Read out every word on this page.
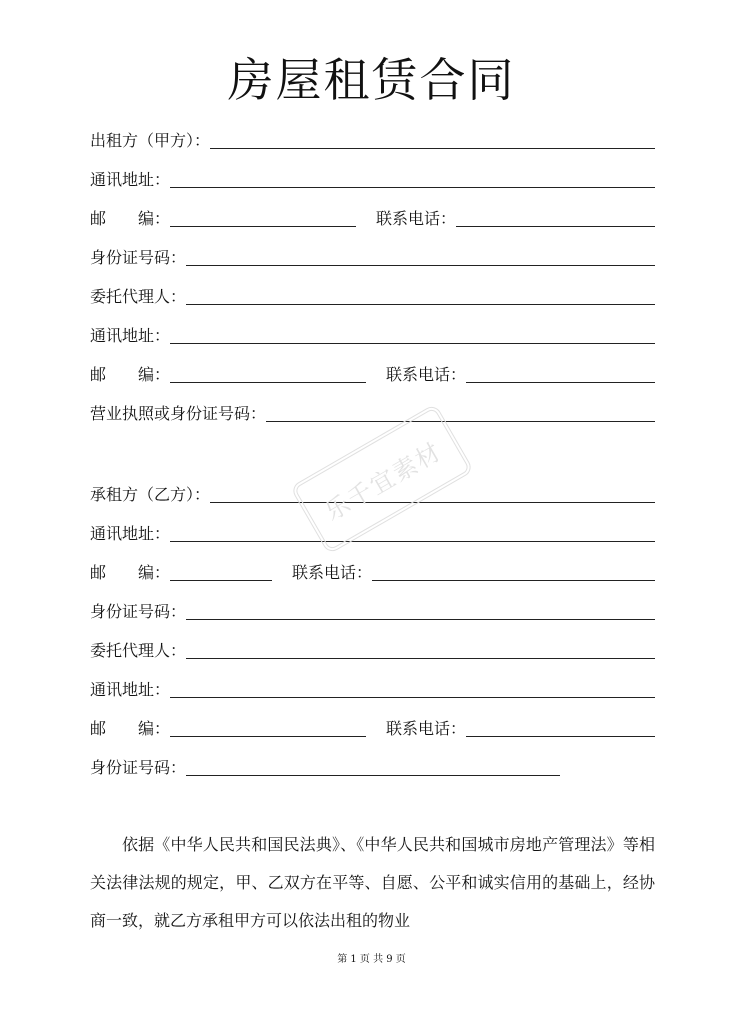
房屋租赁合同
出租方（甲方）：
通讯地址：
邮　　编：	联系电话：
身份证号码：
委托代理人：
通讯地址：
邮　　编：	联系电话：
营业执照或身份证号码：
承租方（乙方）：
通讯地址：
邮　　编：	联系电话：
身份证号码：
委托代理人：
通讯地址：
邮　　编：	联系电话：
身份证号码：
依据《中华人民共和国民法典》、《中华人民共和国城市房地产管理法》等相关法律法规的规定，甲、乙双方在平等、自愿、公平和诚实信用的基础上，经协商一致，就乙方承租甲方可以依法出租的物业
乐千宜素材
第 1 页 共 9 页
